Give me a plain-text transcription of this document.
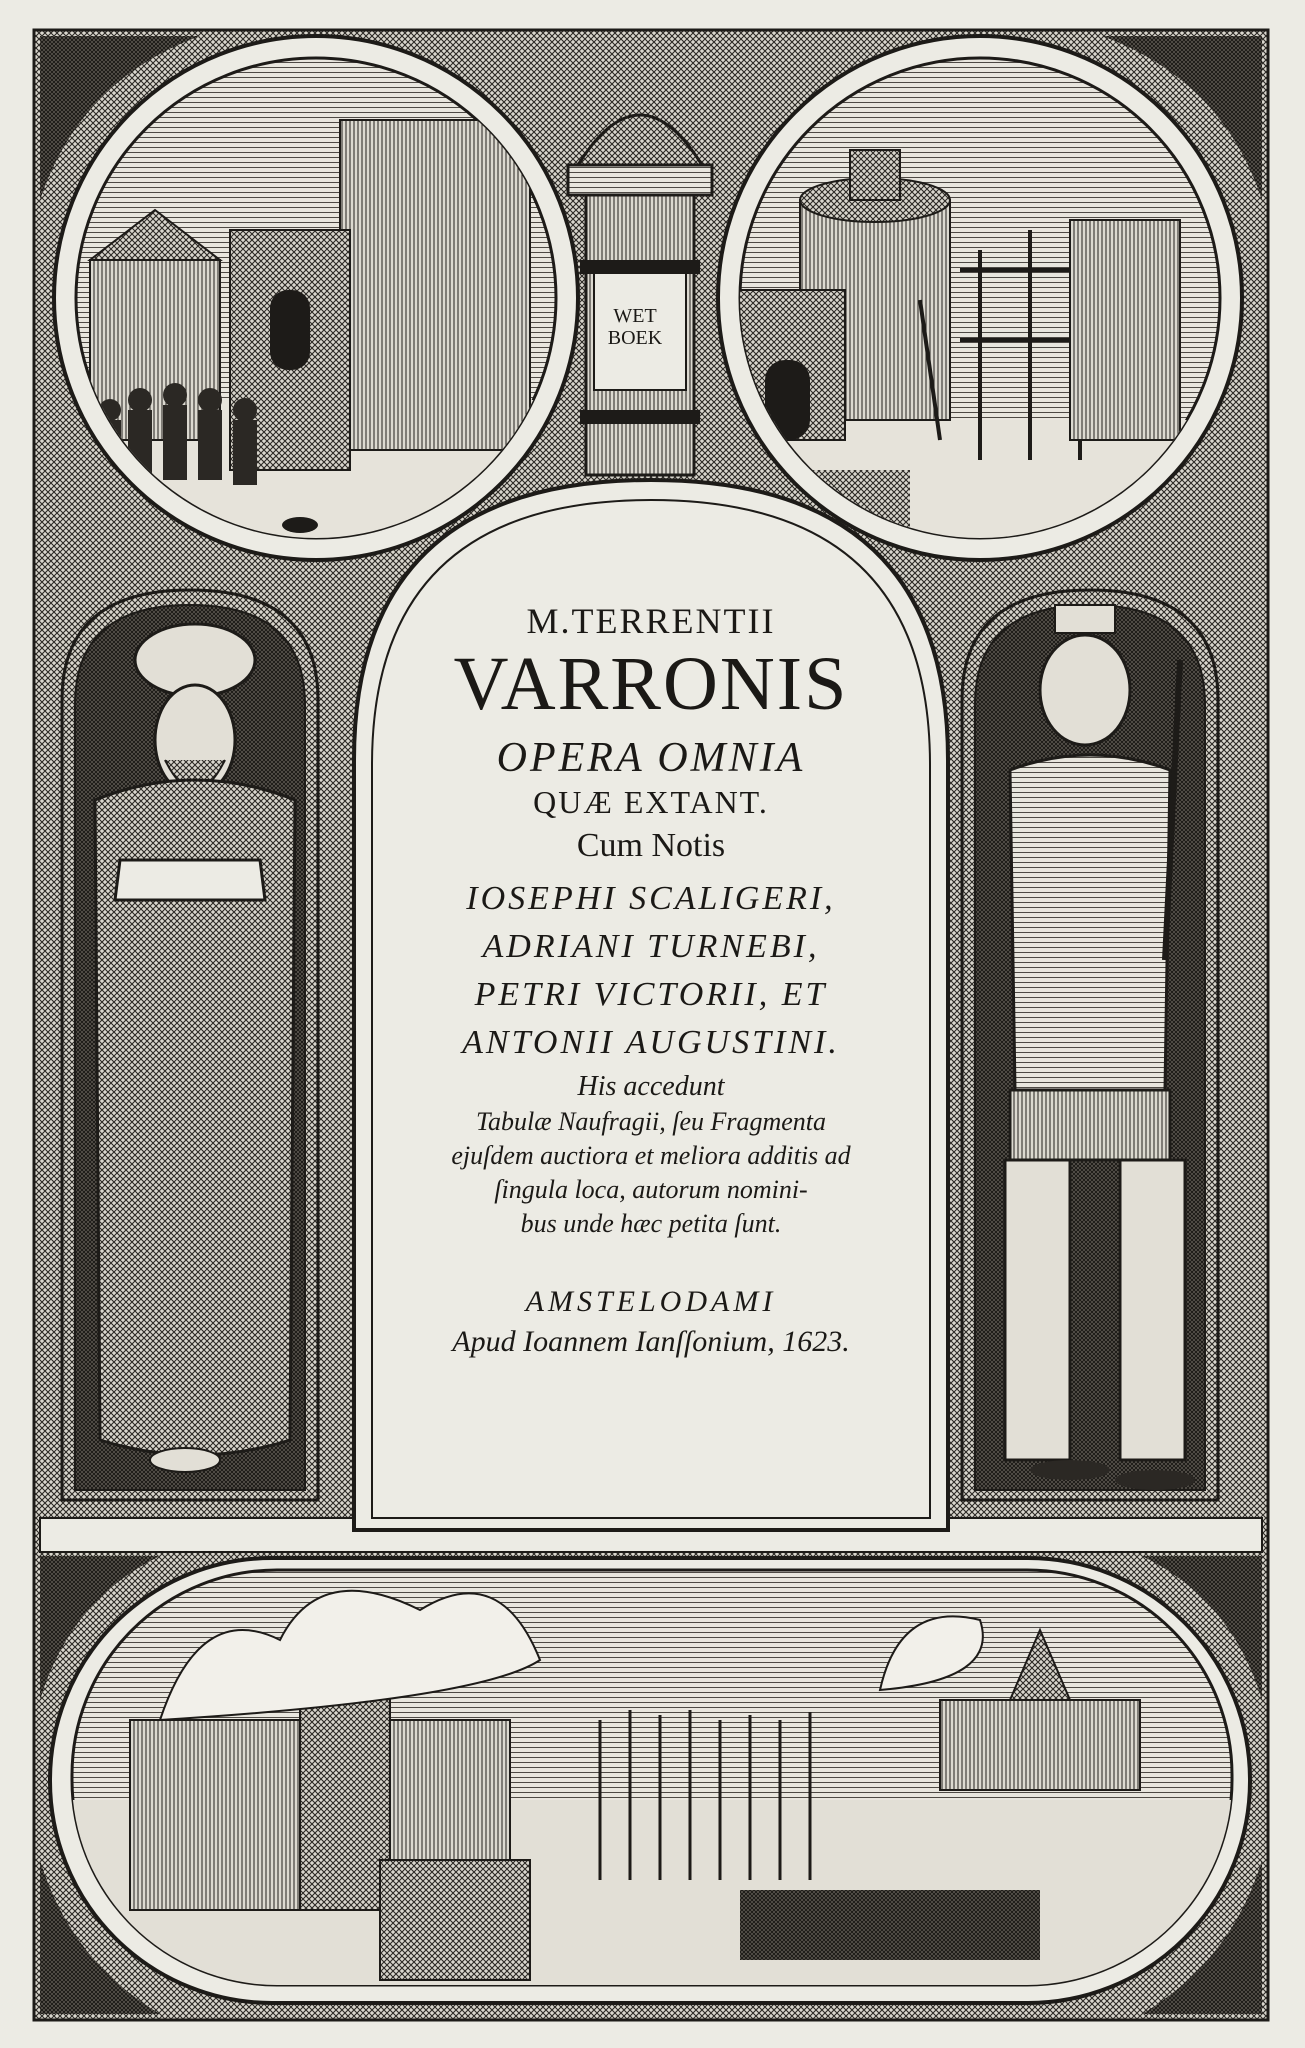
WET
BOEK
M.TERRENTII
VARRONIS
OPERA OMNIA
QUÆ EXTANT.
Cum Notis
IOSEPHI SCALIGERI,
ADRIANI TURNEBI,
PETRI VICTORII, ET
ANTONII AUGUSTINI.
His accedunt
Tabulæ Naufragii, ſeu Fragmenta
ejuſdem auctiora et meliora additis ad
ſingula loca, autorum nomini-
bus unde hæc petita ſunt.
AMSTELODAMI
Apud Ioannem Ianſſonium, 1623.
